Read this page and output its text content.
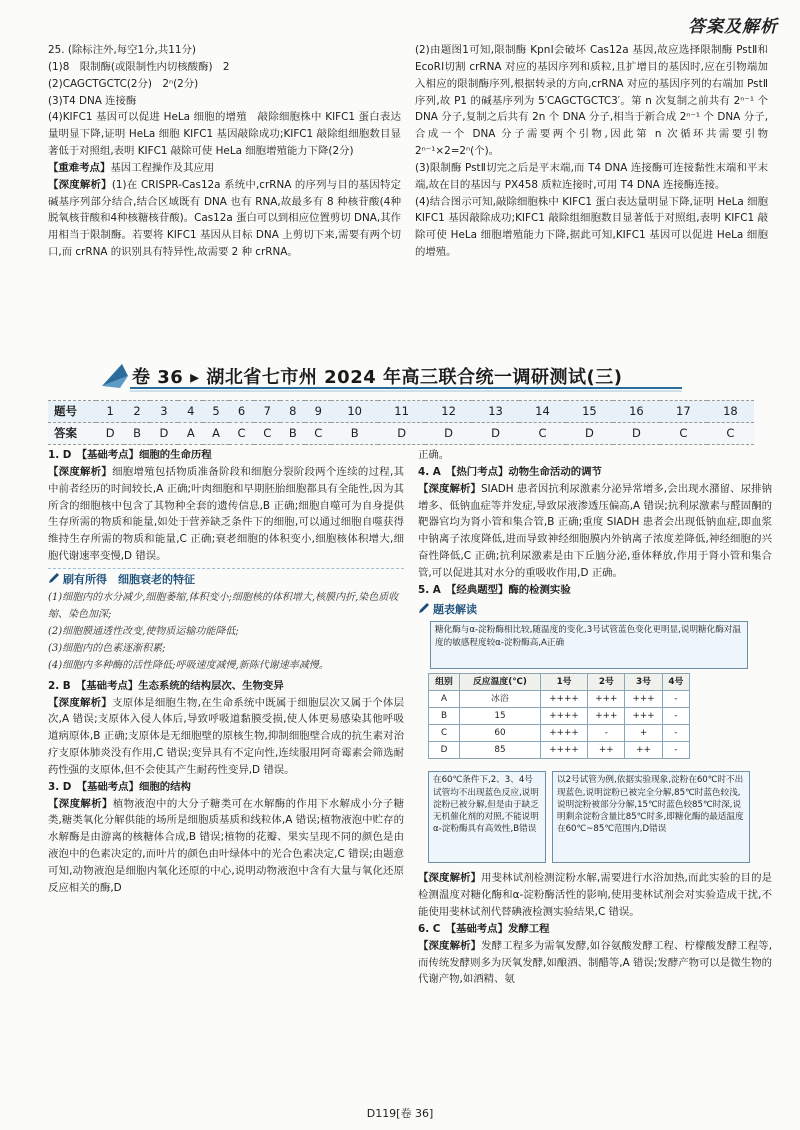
答案及解析
25. (除标注外,每空1分,共11分)
(1)8　限制酶(或限制性内切核酸酶)　2
(2)CAGCTGCTC(2分)　2ⁿ(2分)
(3)T4 DNA 连接酶
(4)KIFC1 基因可以促进 HeLa 细胞的增殖　敲除细胞株中 KIFC1 蛋白表达量明显下降,证明 HeLa 细胞 KIFC1 基因敲除成功;KIFC1 敲除组细胞数目显著低于对照组,表明 KIFC1 敲除可使 HeLa 细胞增殖能力下降(2分)
【重难考点】基因工程操作及其应用
【深度解析】(1)在 CRISPR-Cas12a 系统中,crRNA 的序列与目的基因特定碱基序列部分结合,结合区域既有 DNA 也有 RNA,故最多有 8 种核苷酸(4种脱氧核苷酸和4种核糖核苷酸)。Cas12a 蛋白可以到相应位置剪切 DNA,其作用相当于限制酶。若要将 KIFC1 基因从目标 DNA 上剪切下来,需要有两个切口,而 crRNA 的识别具有特异性,故需要 2 种 crRNA。
(2)由题图1可知,限制酶 KpnⅠ会破坏 Cas12a 基因,故应选择限制酶 PstⅡ和 EcoRⅠ切割 crRNA 对应的基因序列和质粒,且扩增目的基因时,应在引物端加入相应的限制酶序列,根据转录的方向,crRNA 对应的基因序列的右端加 PstⅡ序列,故 P1 的碱基序列为 5′CAGCTGCTC3′。第 n 次复制之前共有 2ⁿ⁻¹ 个 DNA 分子,复制之后共有 2n 个 DNA 分子,相当于新合成 2ⁿ⁻¹ 个 DNA 分子,合成一个 DNA 分子需要两个引物,因此第 n 次循环共需要引物 2ⁿ⁻¹×2=2ⁿ(个)。
(3)限制酶 PstⅡ切完之后是平末端,而 T4 DNA 连接酶可连接黏性末端和平末端,故在目的基因与 PX458 质粒连接时,可用 T4 DNA 连接酶连接。
(4)结合图示可知,敲除细胞株中 KIFC1 蛋白表达量明显下降,证明 HeLa 细胞 KIFC1 基因敲除成功;KIFC1 敲除组细胞数目显著低于对照组,表明 KIFC1 敲除可使 HeLa 细胞增殖能力下降,据此可知,KIFC1 基因可以促进 HeLa 细胞的增殖。
卷 36 ▸ 湖北省七市州 2024 年高三联合统一调研测试(三)
题号	1	2	3	4	5	6	7	8	9	10	11	12	13	14	15	16	17	18
答案	D	B	D	A	A	C	C	B	C	B	D	D	D	C	D	D	C	C
1. D　【基础考点】细胞的生命历程
【深度解析】细胞增殖包括物质准备阶段和细胞分裂阶段两个连续的过程,其中前者经历的时间较长,A 正确;叶肉细胞和早期胚胎细胞都具有全能性,因为其所含的细胞核中包含了其物种全套的遗传信息,B 正确;细胞自噬可为自身提供生存所需的物质和能量,如处于营养缺乏条件下的细胞,可以通过细胞自噬获得维持生存所需的物质和能量,C 正确;衰老细胞的体积变小,细胞核体积增大,细胞代谢速率变慢,D 错误。
刷有所得　细胞衰老的特征
(1)细胞内的水分减少,细胞萎缩,体积变小;细胞核的体积增大,核膜内折,染色质收缩、染色加深;
(2)细胞膜通透性改变,使物质运输功能降低;
(3)细胞内的色素逐渐积累;
(4)细胞内多种酶的活性降低;呼吸速度减慢,新陈代谢速率减慢。
2. B　【基础考点】生态系统的结构层次、生物变异
【深度解析】支原体是细胞生物,在生命系统中既属于细胞层次又属于个体层次,A 错误;支原体入侵人体后,导致呼吸道黏膜受损,使人体更易感染其他呼吸道病原体,B 正确;支原体是无细胞壁的原核生物,抑制细胞壁合成的抗生素对治疗支原体肺炎没有作用,C 错误;变异具有不定向性,连续服用阿奇霉素会筛选耐药性强的支原体,但不会使其产生耐药性变异,D 错误。
3. D　【基础考点】细胞的结构
【深度解析】植物液泡中的大分子糖类可在水解酶的作用下水解成小分子糖类,糖类氧化分解供能的场所是细胞质基质和线粒体,A 错误;植物液泡中贮存的水解酶是由游离的核糖体合成,B 错误;植物的花瓣、果实呈现不同的颜色是由液泡中的色素决定的,而叶片的颜色由叶绿体中的光合色素决定,C 错误;由题意可知,动物液泡是细胞内氧化还原的中心,说明动物液泡中含有大量与氧化还原反应相关的酶,D
正确。
4. A　【热门考点】动物生命活动的调节
【深度解析】SIADH 患者因抗利尿激素分泌异常增多,会出现水潴留、尿排钠增多、低钠血症等并发症,导致尿液渗透压偏高,A 错误;抗利尿激素与醛固酮的靶器官均为肾小管和集合管,B 正确;重度 SIADH 患者会出现低钠血症,即血浆中钠离子浓度降低,进而导致神经细胞膜内外钠离子浓度差降低,神经细胞的兴奋性降低,C 正确;抗利尿激素是由下丘脑分泌,垂体释放,作用于肾小管和集合管,可以促进其对水分的重吸收作用,D 正确。
5. A　【经典题型】酶的检测实验
题表解读
糖化酶与α-淀粉酶相比较,随温度的变化,3号试管蓝色变化更明显,说明糖化酶对温度的敏感程度较α-淀粉酶高,A正确
组别	反应温度(℃)	1号	2号	3号	4号
A	冰浴	++++	+++	+++	-
B	15	++++	+++	+++	-
C	60	++++	-	+	-
D	85	++++	++	++	-
在60℃条件下,2、3、4号试管均不出现蓝色反应,说明淀粉已被分解,但是由于缺乏无机催化剂的对照,不能说明α-淀粉酶具有高效性,B错误
以2号试管为例,依据实验现象,淀粉在60℃时不出现蓝色,说明淀粉已被完全分解,85℃时蓝色较浅,说明淀粉被部分分解,15℃时蓝色较85℃时深,说明剩余淀粉含量比85℃时多,即糖化酶的最适温度在60℃~85℃范围内,D错误
【深度解析】用斐林试剂检测淀粉水解,需要进行水浴加热,而此实验的目的是检测温度对糖化酶和α-淀粉酶活性的影响,使用斐林试剂会对实验造成干扰,不能使用斐林试剂代替碘液检测实验结果,C 错误。
6. C　【基础考点】发酵工程
【深度解析】发酵工程多为需氧发酵,如谷氨酸发酵工程、柠檬酸发酵工程等,而传统发酵则多为厌氧发酵,如酿酒、制醋等,A 错误;发酵产物可以是微生物的代谢产物,如酒精、氨
D119[卷 36]
